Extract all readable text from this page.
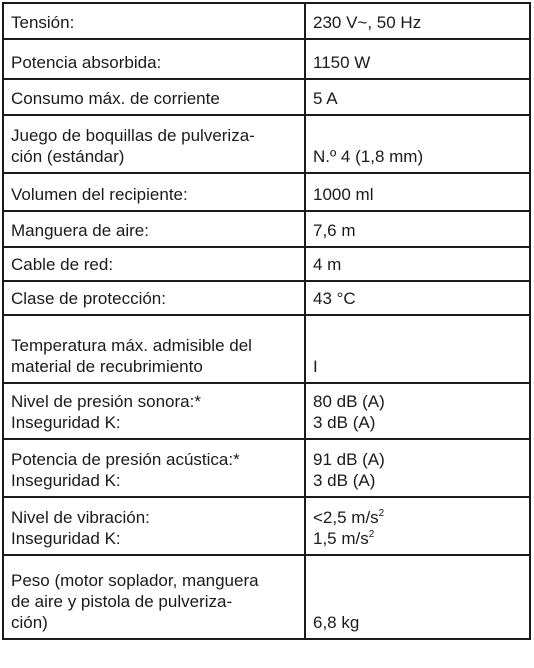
Tensión:	230 V~, 50 Hz

Potencia absorbida:	1150 W

Consumo máx. de corriente	5 A

Juego de boquillas de pulveriza-
ción (estándar)	N.º 4 (1,8 mm)

Volumen del recipiente:	1000 ml

Manguera de aire:	7,6 m

Cable de red:	4 m

Clase de protección:	43 °C

Temperatura máx. admisible del
material de recubrimiento	I

Nivel de presión sonora:*
Inseguridad K:	80 dB (A)
3 dB (A)

Potencia de presión acústica:*
Inseguridad K:	91 dB (A)
3 dB (A)

Nivel de vibración:
Inseguridad K:	<2,5 $m/s^2$
1,5 $m/s^2$

Peso (motor soplador, manguera
de aire y pistola de pulveriza-
ción)	6,8 kg
